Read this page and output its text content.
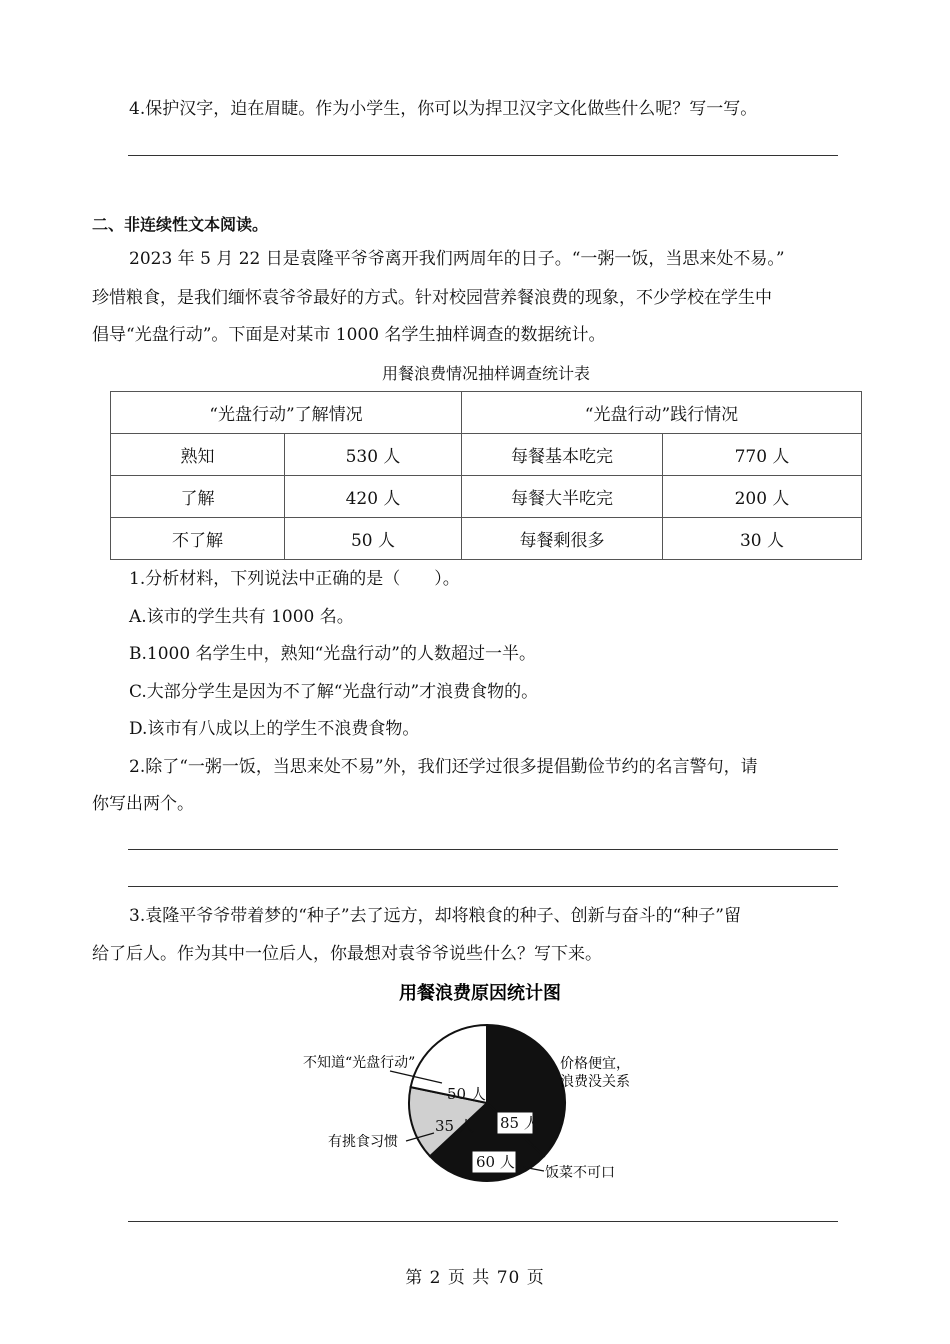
4.保护汉字，迫在眉睫。作为小学生，你可以为捍卫汉字文化做些什么呢？写一写。
二、非连续性文本阅读。
2023 年 5 月 22 日是袁隆平爷爷离开我们两周年的日子。“一粥一饭，当思来处不易。”
珍惜粮食，是我们缅怀袁爷爷最好的方式。针对校园营养餐浪费的现象，不少学校在学生中
倡导“光盘行动”。下面是对某市 1000 名学生抽样调查的数据统计。
用餐浪费情况抽样调查统计表
“光盘行动”了解情况		“光盘行动”践行情况	
熟知	530 人	每餐基本吃完	770 人
了解	420 人	每餐大半吃完	200 人
不了解	50 人	每餐剩很多	30 人
1.分析材料，下列说法中正确的是（　　）。
A.该市的学生共有 1000 名。
B.1000 名学生中，熟知“光盘行动”的人数超过一半。
C.大部分学生是因为不了解“光盘行动”才浪费食物的。
D.该市有八成以上的学生不浪费食物。
2.除了“一粥一饭，当思来处不易”外，我们还学过很多提倡勤俭节约的名言警句，请
你写出两个。
3.袁隆平爷爷带着梦的“种子”去了远方，却将粮食的种子、创新与奋斗的“种子”留
给了后人。作为其中一位后人，你最想对袁爷爷说些什么？写下来。
用餐浪费原因统计图
85 人
60 人
35 人
50 人
不知道“光盘行动”	价格便宜，
浪费没关系
有挑食习惯
饭菜不可口
第 2 页 共 70 页
